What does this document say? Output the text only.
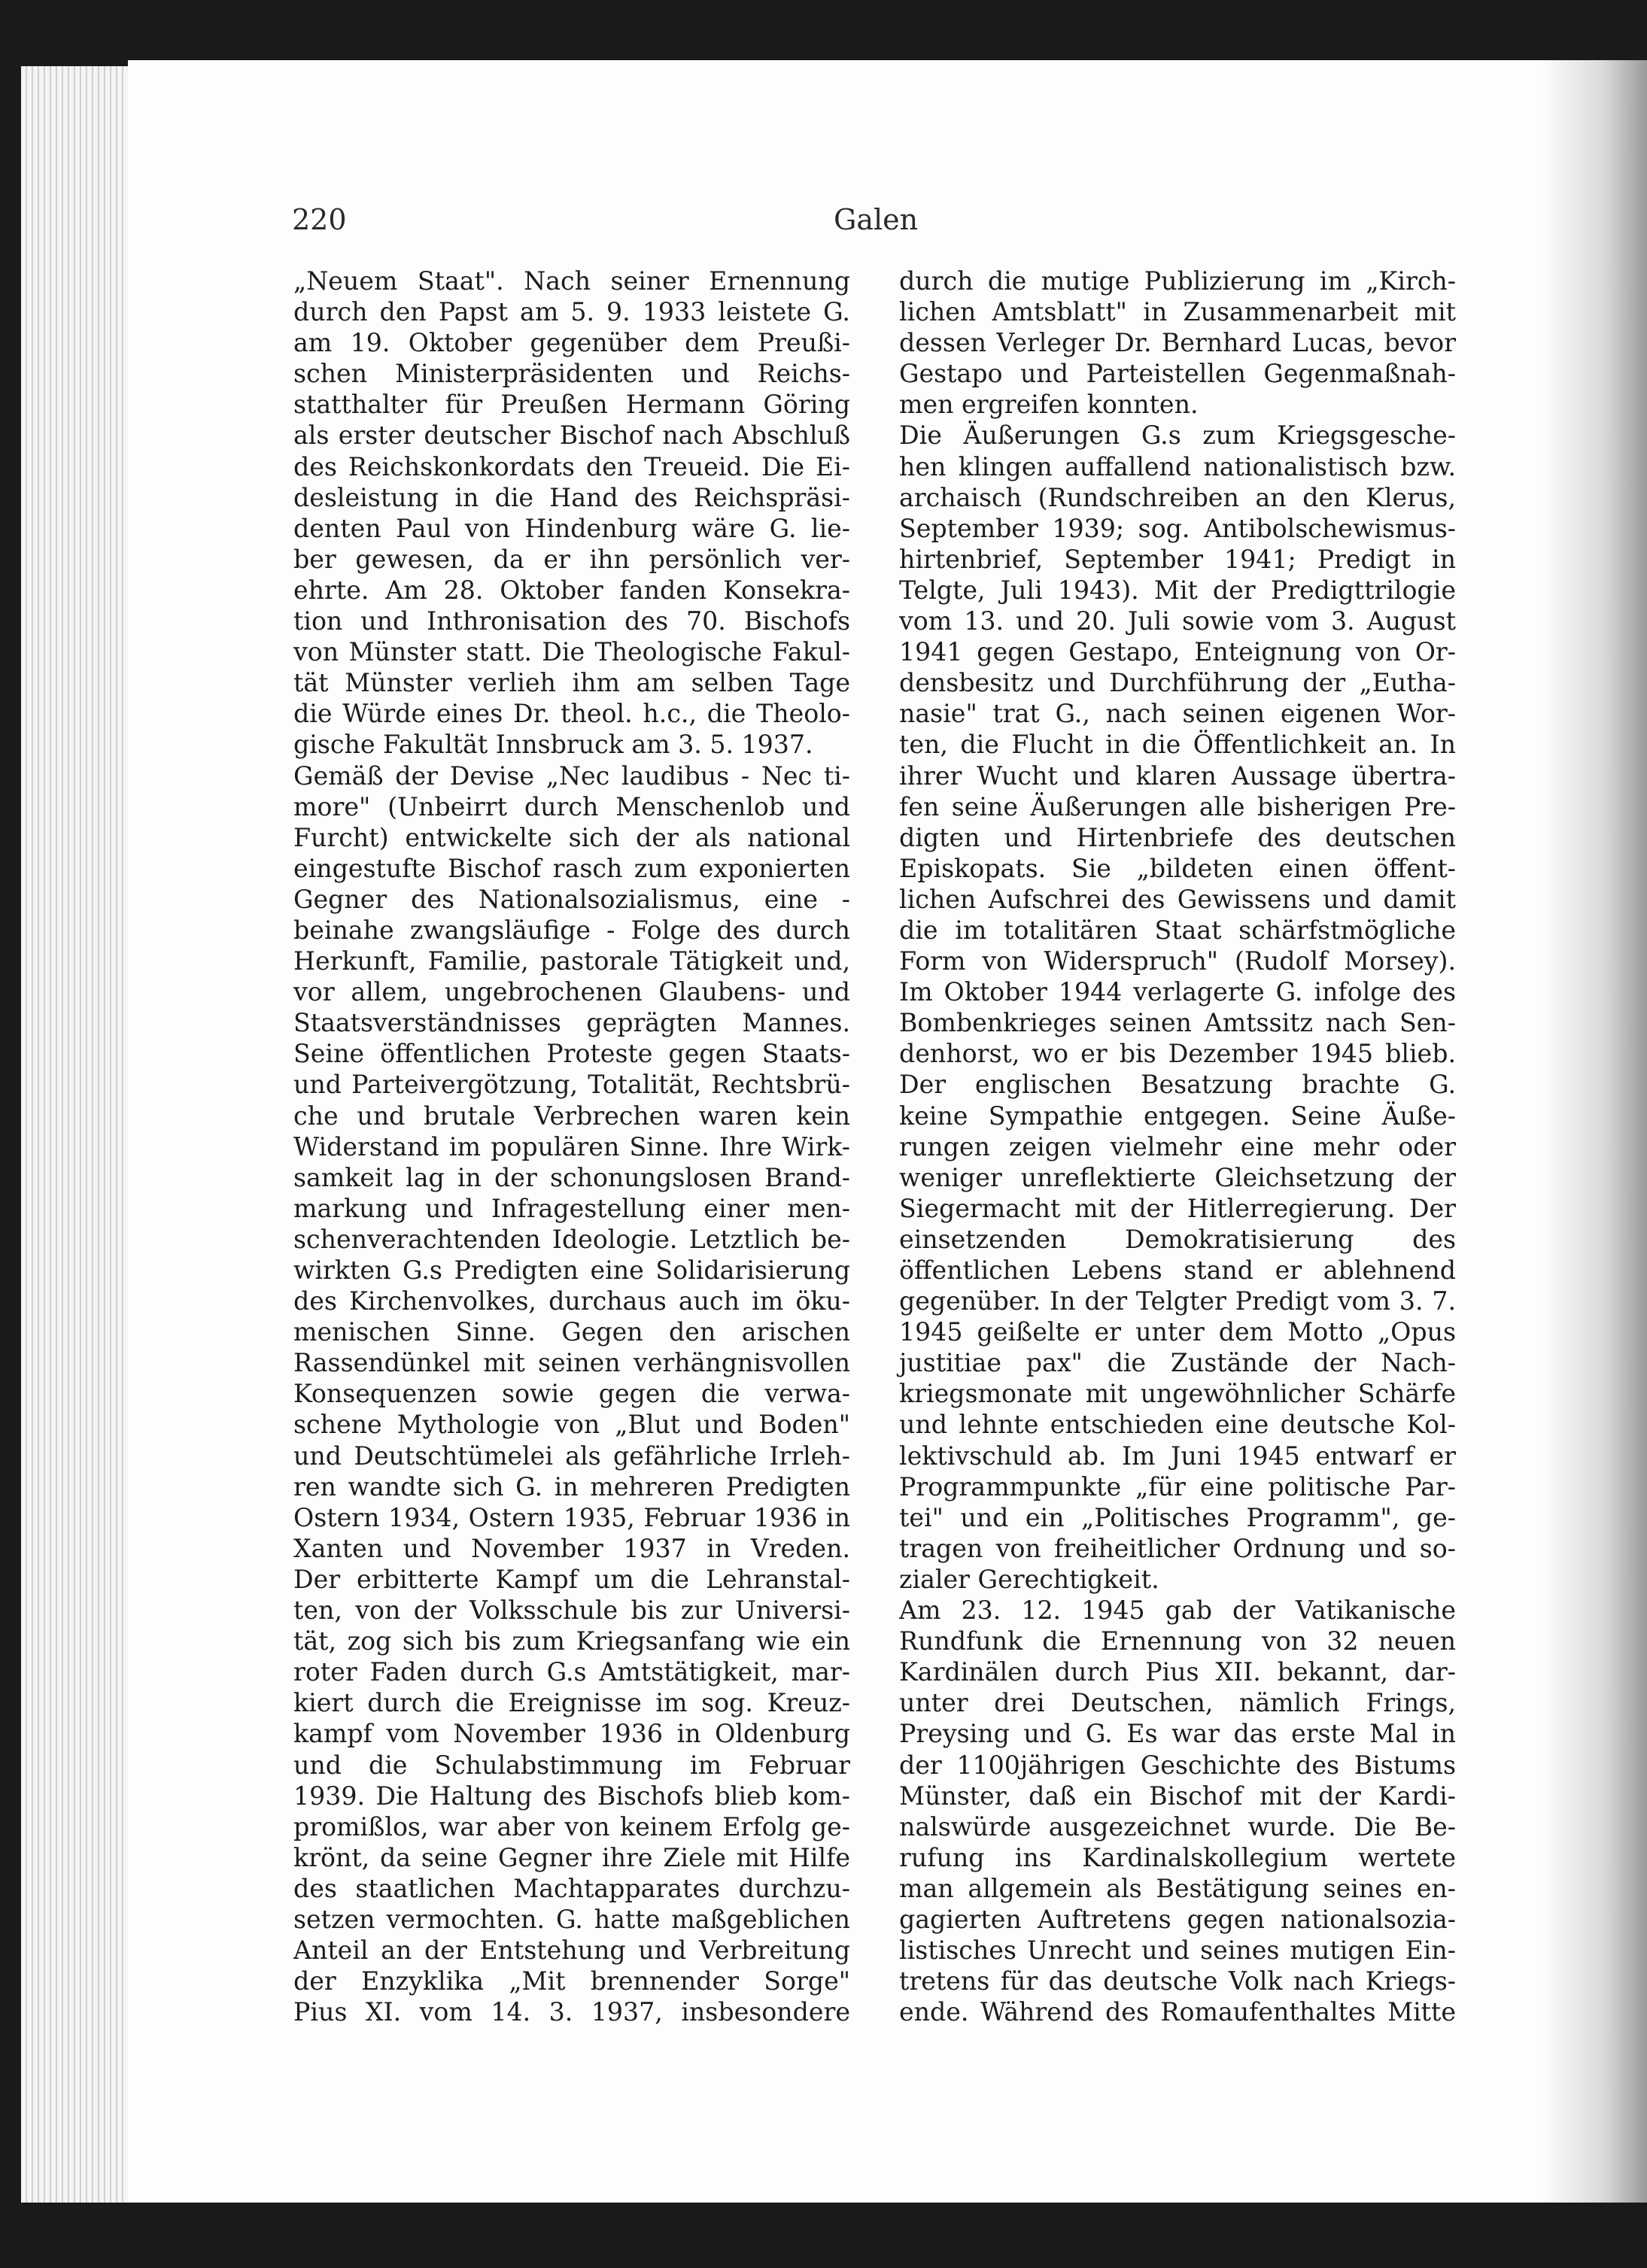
220	Galen
„Neuem Staat". Nach seiner Ernennung
durch den Papst am 5. 9. 1933 leistete G.
am 19. Oktober gegenüber dem Preußi-
schen Ministerpräsidenten und Reichs-
statthalter für Preußen Hermann Göring
als erster deutscher Bischof nach Abschluß
des Reichskonkordats den Treueid. Die Ei-
desleistung in die Hand des Reichspräsi-
denten Paul von Hindenburg wäre G. lie-
ber gewesen, da er ihn persönlich ver-
ehrte. Am 28. Oktober fanden Konsekra-
tion und Inthronisation des 70. Bischofs
von Münster statt. Die Theologische Fakul-
tät Münster verlieh ihm am selben Tage
die Würde eines Dr. theol. h.c., die Theolo-
gische Fakultät Innsbruck am 3. 5. 1937.
Gemäß der Devise „Nec laudibus - Nec ti-
more" (Unbeirrt durch Menschenlob und
Furcht) entwickelte sich der als national
eingestufte Bischof rasch zum exponierten
Gegner des Nationalsozialismus, eine -
beinahe zwangsläufige - Folge des durch
Herkunft, Familie, pastorale Tätigkeit und,
vor allem, ungebrochenen Glaubens- und
Staatsverständnisses geprägten Mannes.
Seine öffentlichen Proteste gegen Staats-
und Parteivergötzung, Totalität, Rechtsbrü-
che und brutale Verbrechen waren kein
Widerstand im populären Sinne. Ihre Wirk-
samkeit lag in der schonungslosen Brand-
markung und Infragestellung einer men-
schenverachtenden Ideologie. Letztlich be-
wirkten G.s Predigten eine Solidarisierung
des Kirchenvolkes, durchaus auch im öku-
menischen Sinne. Gegen den arischen
Rassendünkel mit seinen verhängnisvollen
Konsequenzen sowie gegen die verwa-
schene Mythologie von „Blut und Boden"
und Deutschtümelei als gefährliche Irrleh-
ren wandte sich G. in mehreren Predigten
Ostern 1934, Ostern 1935, Februar 1936 in
Xanten und November 1937 in Vreden.
Der erbitterte Kampf um die Lehranstal-
ten, von der Volksschule bis zur Universi-
tät, zog sich bis zum Kriegsanfang wie ein
roter Faden durch G.s Amtstätigkeit, mar-
kiert durch die Ereignisse im sog. Kreuz-
kampf vom November 1936 in Oldenburg
und die Schulabstimmung im Februar
1939. Die Haltung des Bischofs blieb kom-
promißlos, war aber von keinem Erfolg ge-
krönt, da seine Gegner ihre Ziele mit Hilfe
des staatlichen Machtapparates durchzu-
setzen vermochten. G. hatte maßgeblichen
Anteil an der Entstehung und Verbreitung
der Enzyklika „Mit brennender Sorge"
Pius XI. vom 14. 3. 1937, insbesondere
durch die mutige Publizierung im „Kirch-
lichen Amtsblatt" in Zusammenarbeit mit
dessen Verleger Dr. Bernhard Lucas, bevor
Gestapo und Parteistellen Gegenmaßnah-
men ergreifen konnten.
Die Äußerungen G.s zum Kriegsgesche-
hen klingen auffallend nationalistisch bzw.
archaisch (Rundschreiben an den Klerus,
September 1939; sog. Antibolschewismus-
hirtenbrief, September 1941; Predigt in
Telgte, Juli 1943). Mit der Predigttrilogie
vom 13. und 20. Juli sowie vom 3. August
1941 gegen Gestapo, Enteignung von Or-
densbesitz und Durchführung der „Eutha-
nasie" trat G., nach seinen eigenen Wor-
ten, die Flucht in die Öffentlichkeit an. In
ihrer Wucht und klaren Aussage übertra-
fen seine Äußerungen alle bisherigen Pre-
digten und Hirtenbriefe des deutschen
Episkopats. Sie „bildeten einen öffent-
lichen Aufschrei des Gewissens und damit
die im totalitären Staat schärfstmögliche
Form von Widerspruch" (Rudolf Morsey).
Im Oktober 1944 verlagerte G. infolge des
Bombenkrieges seinen Amtssitz nach Sen-
denhorst, wo er bis Dezember 1945 blieb.
Der englischen Besatzung brachte G.
keine Sympathie entgegen. Seine Äuße-
rungen zeigen vielmehr eine mehr oder
weniger unreflektierte Gleichsetzung der
Siegermacht mit der Hitlerregierung. Der
einsetzenden Demokratisierung des
öffentlichen Lebens stand er ablehnend
gegenüber. In der Telgter Predigt vom 3. 7.
1945 geißelte er unter dem Motto „Opus
justitiae pax" die Zustände der Nach-
kriegsmonate mit ungewöhnlicher Schärfe
und lehnte entschieden eine deutsche Kol-
lektivschuld ab. Im Juni 1945 entwarf er
Programmpunkte „für eine politische Par-
tei" und ein „Politisches Programm", ge-
tragen von freiheitlicher Ordnung und so-
zialer Gerechtigkeit.
Am 23. 12. 1945 gab der Vatikanische
Rundfunk die Ernennung von 32 neuen
Kardinälen durch Pius XII. bekannt, dar-
unter drei Deutschen, nämlich Frings,
Preysing und G. Es war das erste Mal in
der 1100jährigen Geschichte des Bistums
Münster, daß ein Bischof mit der Kardi-
nalswürde ausgezeichnet wurde. Die Be-
rufung ins Kardinalskollegium wertete
man allgemein als Bestätigung seines en-
gagierten Auftretens gegen nationalsozia-
listisches Unrecht und seines mutigen Ein-
tretens für das deutsche Volk nach Kriegs-
ende. Während des Romaufenthaltes Mitte
